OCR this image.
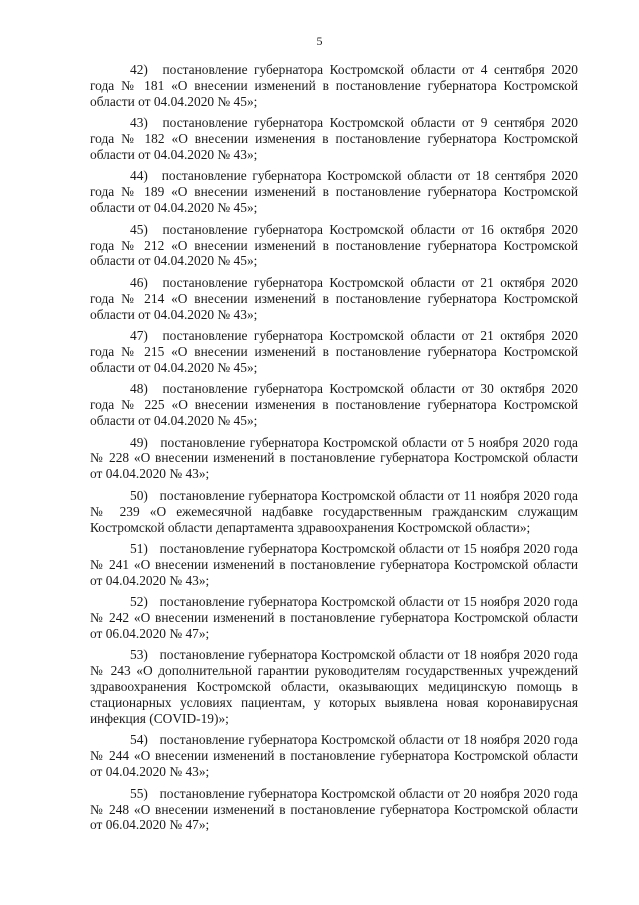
5

42) постановление губернатора Костромской области от 4 сентября 2020 года № 181 «О внесении изменений в постановление губернатора Костромской области от 04.04.2020 № 45»;

43) постановление губернатора Костромской области от 9 сентября 2020 года № 182 «О внесении изменения в постановление губернатора Костромской области от 04.04.2020 № 43»;

44) постановление губернатора Костромской области от 18 сентября 2020 года № 189 «О внесении изменений в постановление губернатора Костромской области от 04.04.2020 № 45»;

45) постановление губернатора Костромской области от 16 октября 2020 года № 212 «О внесении изменений в постановление губернатора Костромской области от 04.04.2020 № 45»;

46) постановление губернатора Костромской области от 21 октября 2020 года № 214 «О внесении изменений в постановление губернатора Костромской области от 04.04.2020 № 43»;

47) постановление губернатора Костромской области от 21 октября 2020 года № 215 «О внесении изменений в постановление губернатора Костромской области от 04.04.2020 № 45»;

48) постановление губернатора Костромской области от 30 октября 2020 года № 225 «О внесении изменения в постановление губернатора Костромской области от 04.04.2020 № 45»;

49) постановление губернатора Костромской области от 5 ноября 2020 года № 228 «О внесении изменений в постановление губернатора Костромской области от 04.04.2020 № 43»;

50) постановление губернатора Костромской области от 11 ноября 2020 года № 239 «О ежемесячной надбавке государственным гражданским служащим Костромской области департамента здравоохранения Костромской области»;

51) постановление губернатора Костромской области от 15 ноября 2020 года № 241 «О внесении изменений в постановление губернатора Костромской области от 04.04.2020 № 43»;

52) постановление губернатора Костромской области от 15 ноября 2020 года № 242 «О внесении изменений в постановление губернатора Костромской области от 06.04.2020 № 47»;

53) постановление губернатора Костромской области от 18 ноября 2020 года № 243 «О дополнительной гарантии руководителям государственных учреждений здравоохранения Костромской области, оказывающих медицинскую помощь в стационарных условиях пациентам, у которых выявлена новая коронавирусная инфекция (COVID-19)»;

54) постановление губернатора Костромской области от 18 ноября 2020 года № 244 «О внесении изменений в постановление губернатора Костромской области от 04.04.2020 № 43»;

55) постановление губернатора Костромской области от 20 ноября 2020 года № 248 «О внесении изменений в постановление губернатора Костромской области от 06.04.2020 № 47»;
